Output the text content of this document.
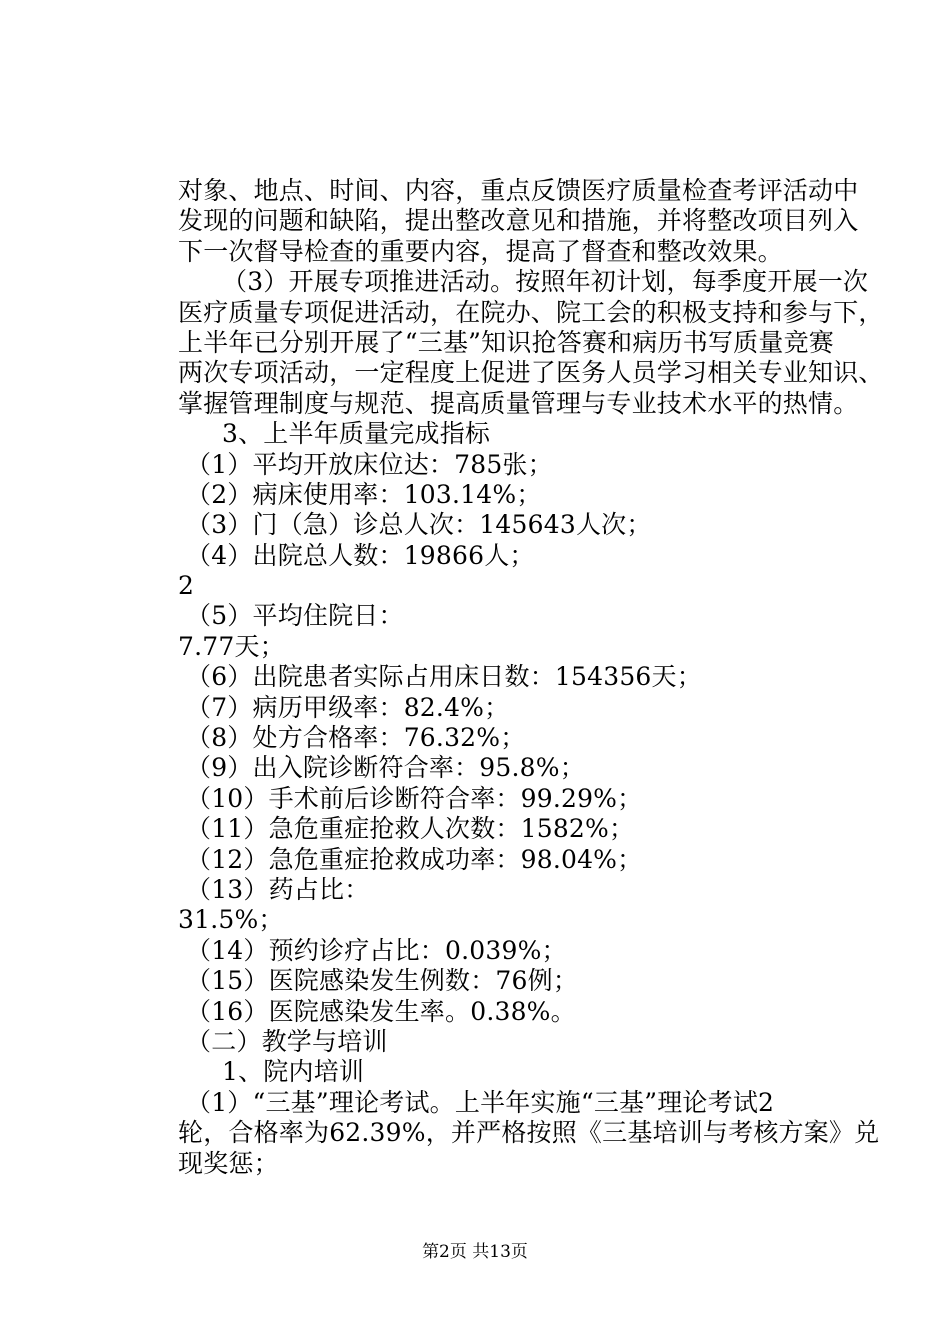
对象、地点、时间、内容，重点反馈医疗质量检查考评活动中
发现的问题和缺陷，提出整改意见和措施，并将整改项目列入
下一次督导检查的重要内容，提高了督查和整改效果。
（3）开展专项推进活动。按照年初计划，每季度开展一次
医疗质量专项促进活动，在院办、院工会的积极支持和参与下，
上半年已分别开展了“三基”知识抢答赛和病历书写质量竞赛
两次专项活动，一定程度上促进了医务人员学习相关专业知识、
掌握管理制度与规范、提高质量管理与专业技术水平的热情。
3、上半年质量完成指标
（1）平均开放床位达：785张；
（2）病床使用率：103.14%；
（3）门（急）诊总人次：145643人次；
（4）出院总人数：19866人；
2
（5）平均住院日：
7.77天；
（6）出院患者实际占用床日数：154356天；
（7）病历甲级率：82.4%；
（8）处方合格率：76.32%；
（9）出入院诊断符合率：95.8%；
（10）手术前后诊断符合率：99.29%；
（11）急危重症抢救人次数：1582%；
（12）急危重症抢救成功率：98.04%；
（13）药占比：
31.5%；
（14）预约诊疗占比：0.039%；
（15）医院感染发生例数：76例；
（16）医院感染发生率。0.38%。
（二）教学与培训
1、院内培训
（1）“三基”理论考试。上半年实施“三基”理论考试2
轮，合格率为62.39%，并严格按照《三基培训与考核方案》兑
现奖惩；
第2页 共13页
